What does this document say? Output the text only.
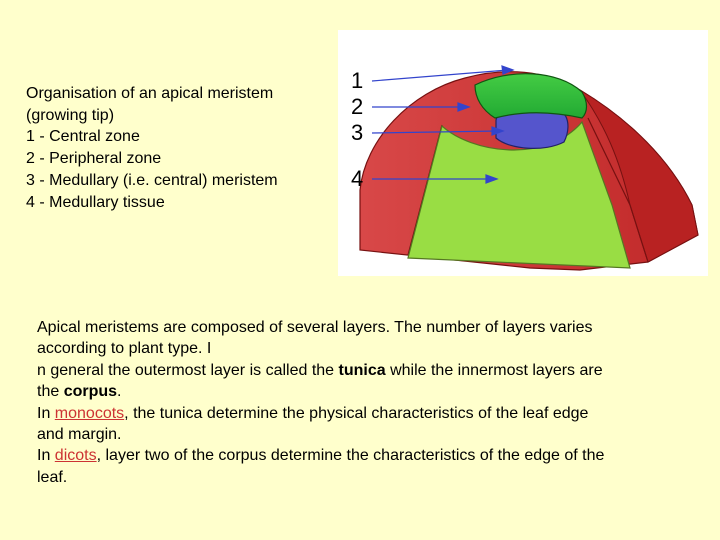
Organisation of an apical meristem
(growing tip)
1 - Central zone
2 - Peripheral zone
3 - Medullary (i.e. central) meristem
4 - Medullary tissue
1
2
3
4
Apical meristems are composed of several layers. The number of layers varies
according to plant type. I
n general the outermost layer is called the tunica while the innermost layers are
the corpus.
In monocots, the tunica determine the physical characteristics of the leaf edge
and margin.
In dicots, layer two of the corpus determine the characteristics of the edge of the
leaf.
